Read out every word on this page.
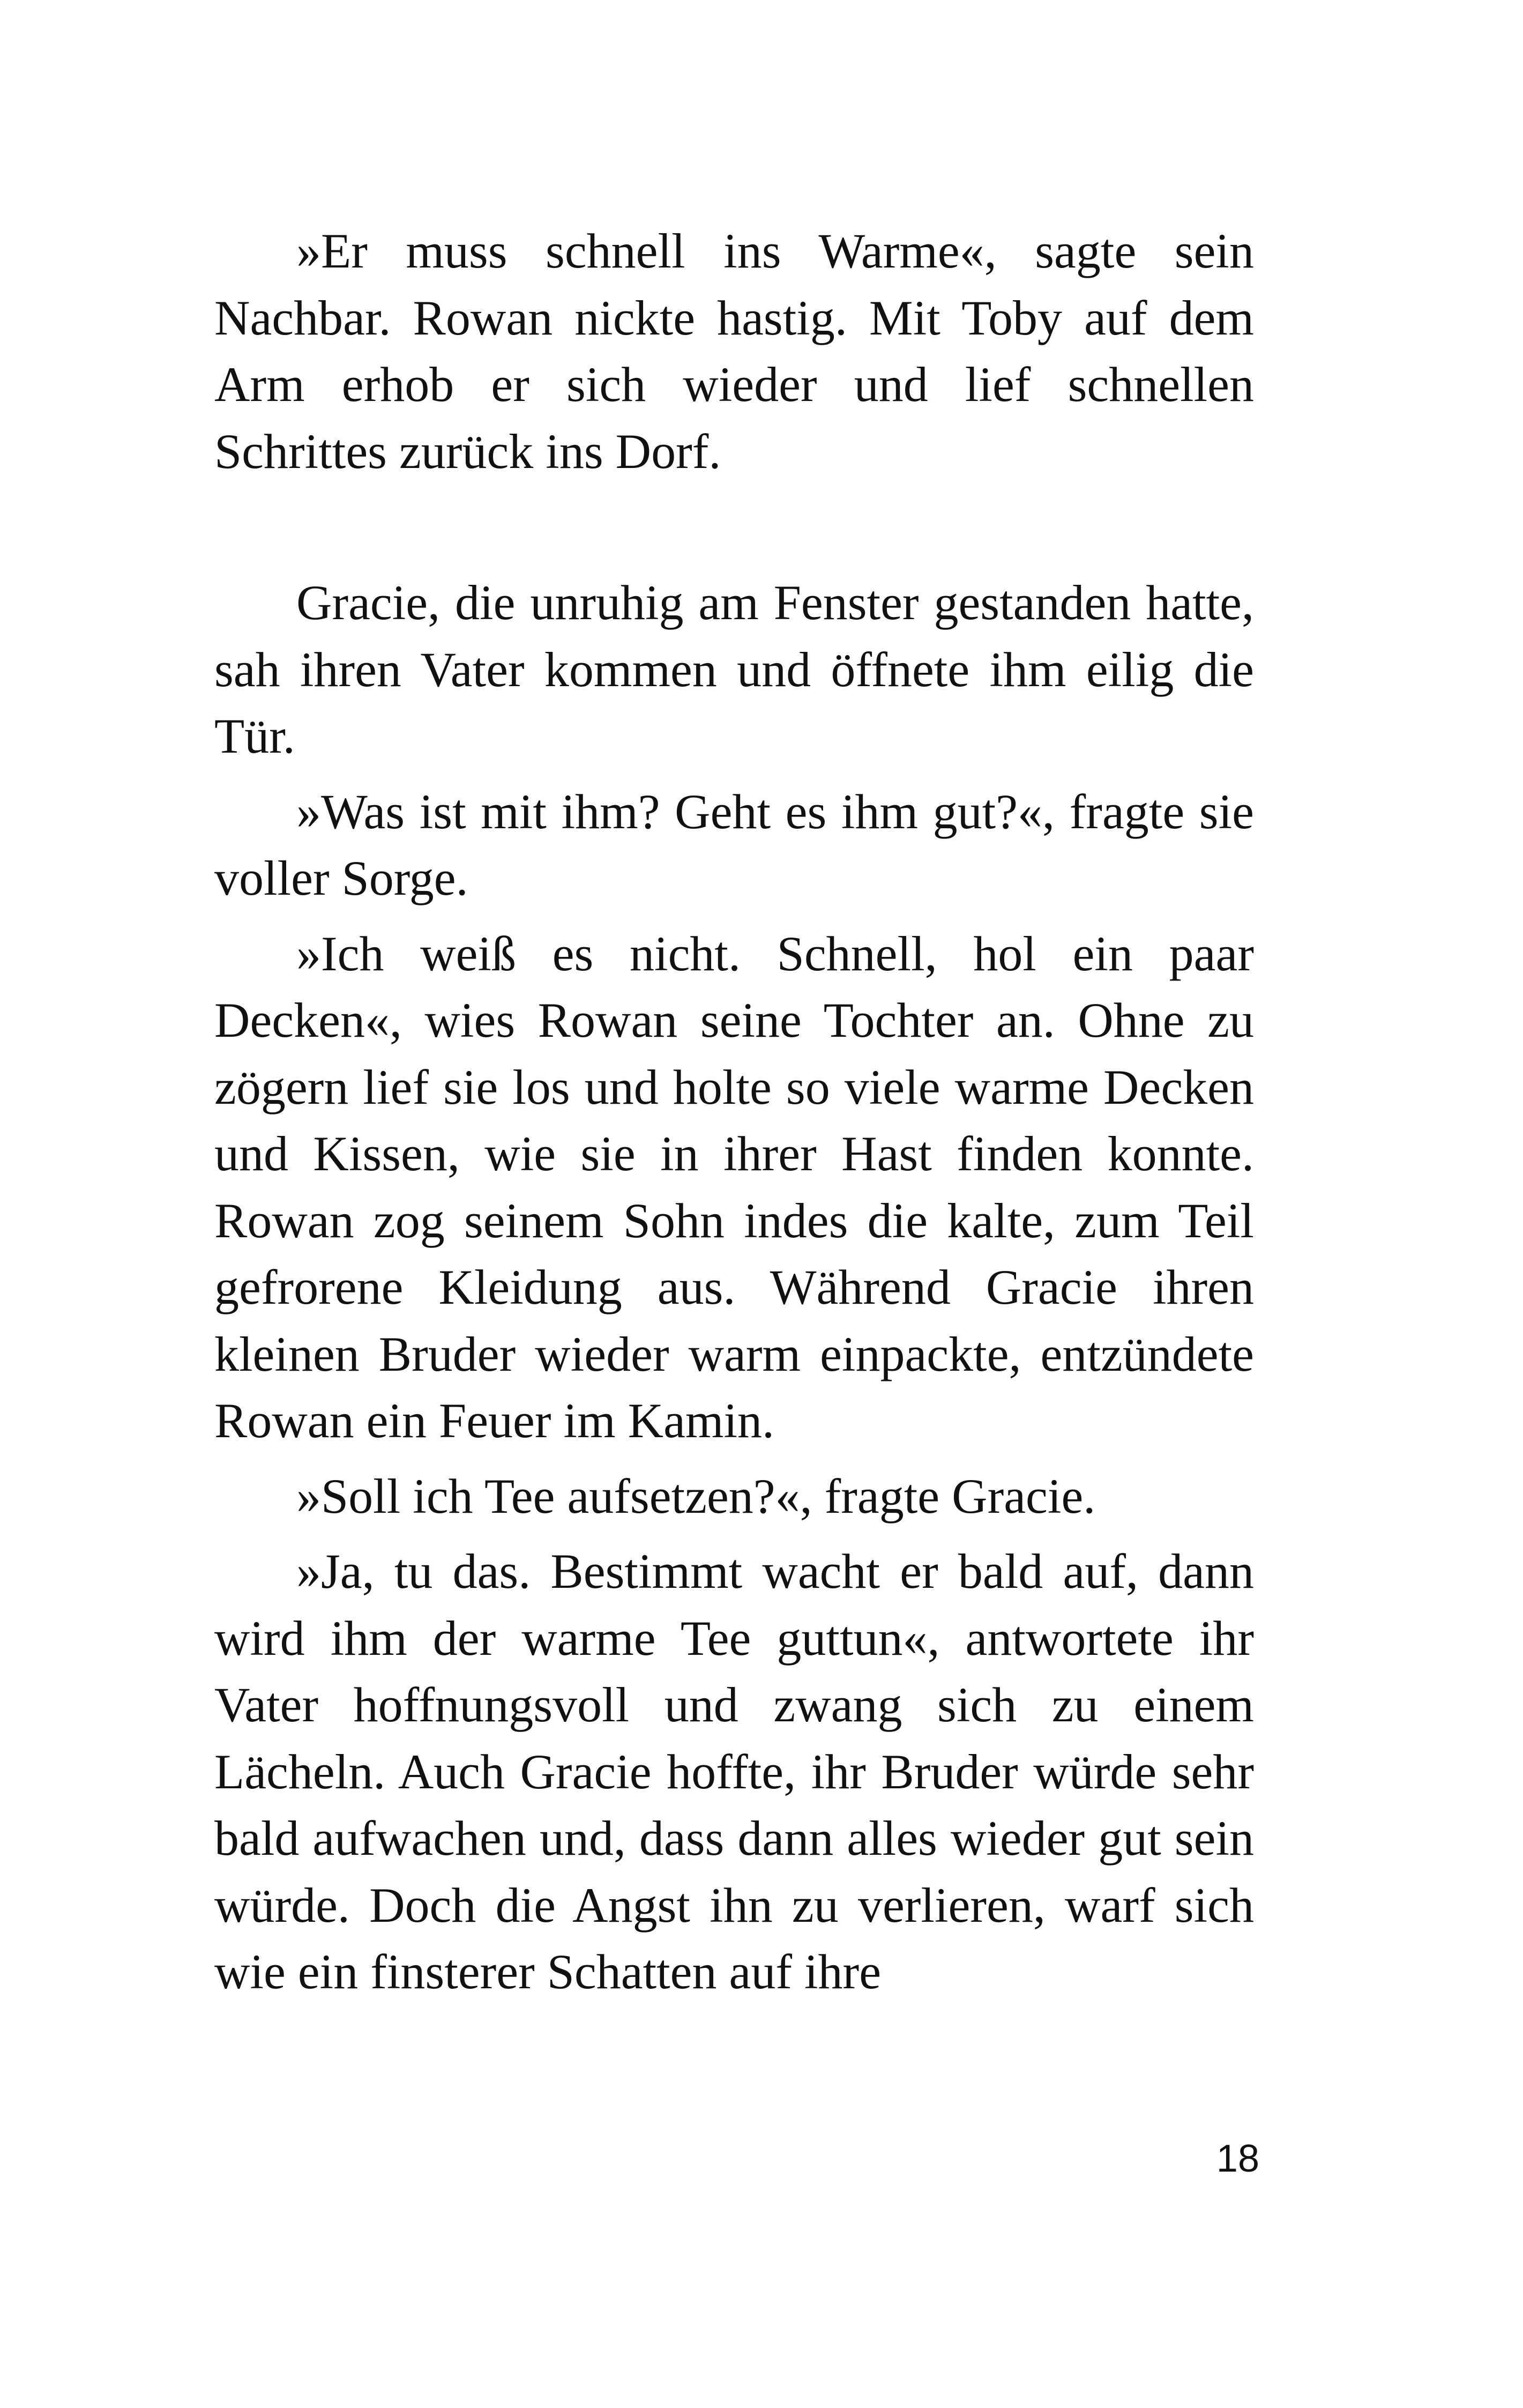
»Er muss schnell ins Warme«, sagte sein Nachbar. Rowan nickte hastig. Mit Toby auf dem Arm erhob er sich wieder und lief schnellen Schrittes zurück ins Dorf.

Gracie, die unruhig am Fenster gestanden hatte, sah ihren Vater kommen und öffnete ihm eilig die Tür.

»Was ist mit ihm? Geht es ihm gut?«, fragte sie voller Sorge.

»Ich weiß es nicht. Schnell, hol ein paar Decken«, wies Rowan seine Tochter an. Ohne zu zögern lief sie los und holte so viele warme Decken und Kissen, wie sie in ihrer Hast finden konnte. Rowan zog seinem Sohn indes die kalte, zum Teil gefrorene Kleidung aus. Während Gracie ihren kleinen Bruder wieder warm einpackte, entzündete Rowan ein Feuer im Kamin.

»Soll ich Tee aufsetzen?«, fragte Gracie.

»Ja, tu das. Bestimmt wacht er bald auf, dann wird ihm der warme Tee guttun«, antwortete ihr Vater hoffnungsvoll und zwang sich zu einem Lächeln. Auch Gracie hoffte, ihr Bruder würde sehr bald aufwachen und, dass dann alles wieder gut sein würde. Doch die Angst ihn zu verlieren, warf sich wie ein finsterer Schatten auf ihre

18
